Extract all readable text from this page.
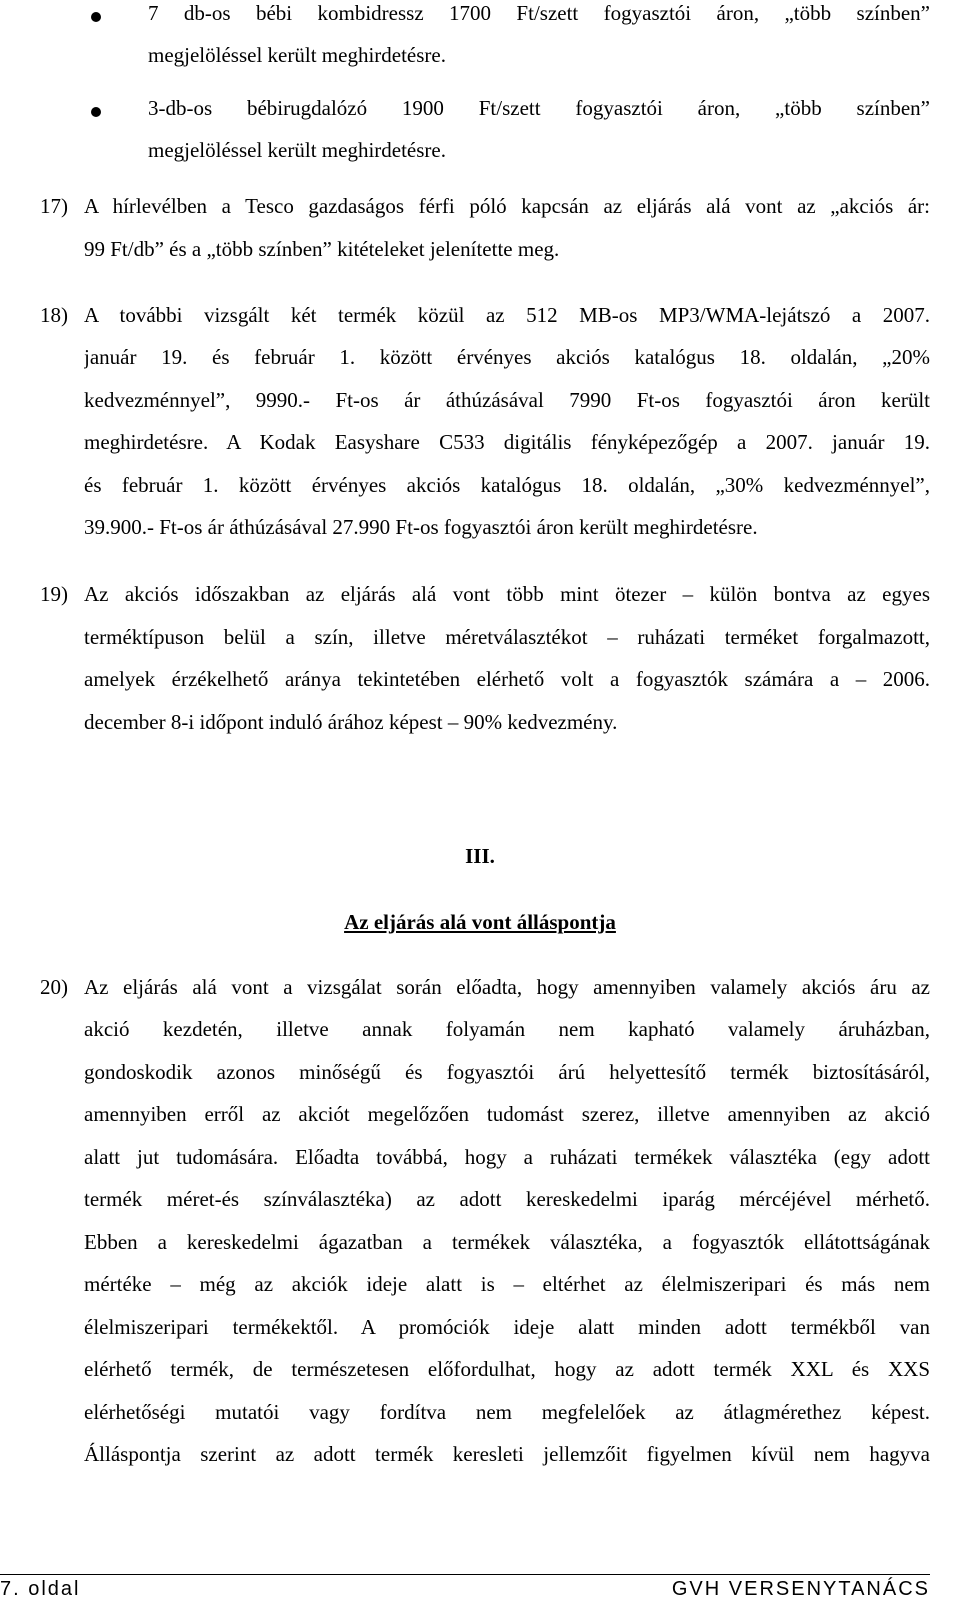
7 db-os bébi kombidressz 1700 Ft/szett fogyasztói áron, „több színben”
megjelöléssel került meghirdetésre.
3-db-os bébirugdalózó 1900 Ft/szett fogyasztói áron, „több színben”
megjelöléssel került meghirdetésre.
17) A hírlevélben a Tesco gazdaságos férfi póló kapcsán az eljárás alá vont az „akciós ár:
99 Ft/db” és a „több színben” kitételeket jelenítette meg.
18) A további vizsgált két termék közül az 512 MB-os MP3/WMA-lejátszó a 2007.
január 19. és február 1. között érvényes akciós katalógus 18. oldalán, „20%
kedvezménnyel”, 9990.- Ft-os ár áthúzásával 7990 Ft-os fogyasztói áron került
meghirdetésre. A Kodak Easyshare C533 digitális fényképezőgép a 2007. január 19.
és február 1. között érvényes akciós katalógus 18. oldalán, „30% kedvezménnyel”,
39.900.- Ft-os ár áthúzásával 27.990 Ft-os fogyasztói áron került meghirdetésre.
19) Az akciós időszakban az eljárás alá vont több mint ötezer – külön bontva az egyes
terméktípuson belül a szín, illetve méretválasztékot – ruházati terméket forgalmazott,
amelyek érzékelhető aránya tekintetében elérhető volt a fogyasztók számára a – 2006.
december 8-i időpont induló árához képest – 90% kedvezmény.
III.
Az eljárás alá vont álláspontja
20) Az eljárás alá vont a vizsgálat során előadta, hogy amennyiben valamely akciós áru az
akció kezdetén, illetve annak folyamán nem kapható valamely áruházban,
gondoskodik azonos minőségű és fogyasztói árú helyettesítő termék biztosításáról,
amennyiben erről az akciót megelőzően tudomást szerez, illetve amennyiben az akció
alatt jut tudomására. Előadta továbbá, hogy a ruházati termékek választéka (egy adott
termék méret-és színválasztéka) az adott kereskedelmi iparág mércéjével mérhető.
Ebben a kereskedelmi ágazatban a termékek választéka, a fogyasztók ellátottságának
mértéke – még az akciók ideje alatt is – eltérhet az élelmiszeripari és más nem
élelmiszeripari termékektől. A promóciók ideje alatt minden adott termékből van
elérhető termék, de természetesen előfordulhat, hogy az adott termék XXL és XXS
elérhetőségi mutatói vagy fordítva nem megfelelőek az átlagmérethez képest.
Álláspontja szerint az adott termék keresleti jellemzőit figyelmen kívül nem hagyva
7. oldal	GVH VERSENYTANÁCS
